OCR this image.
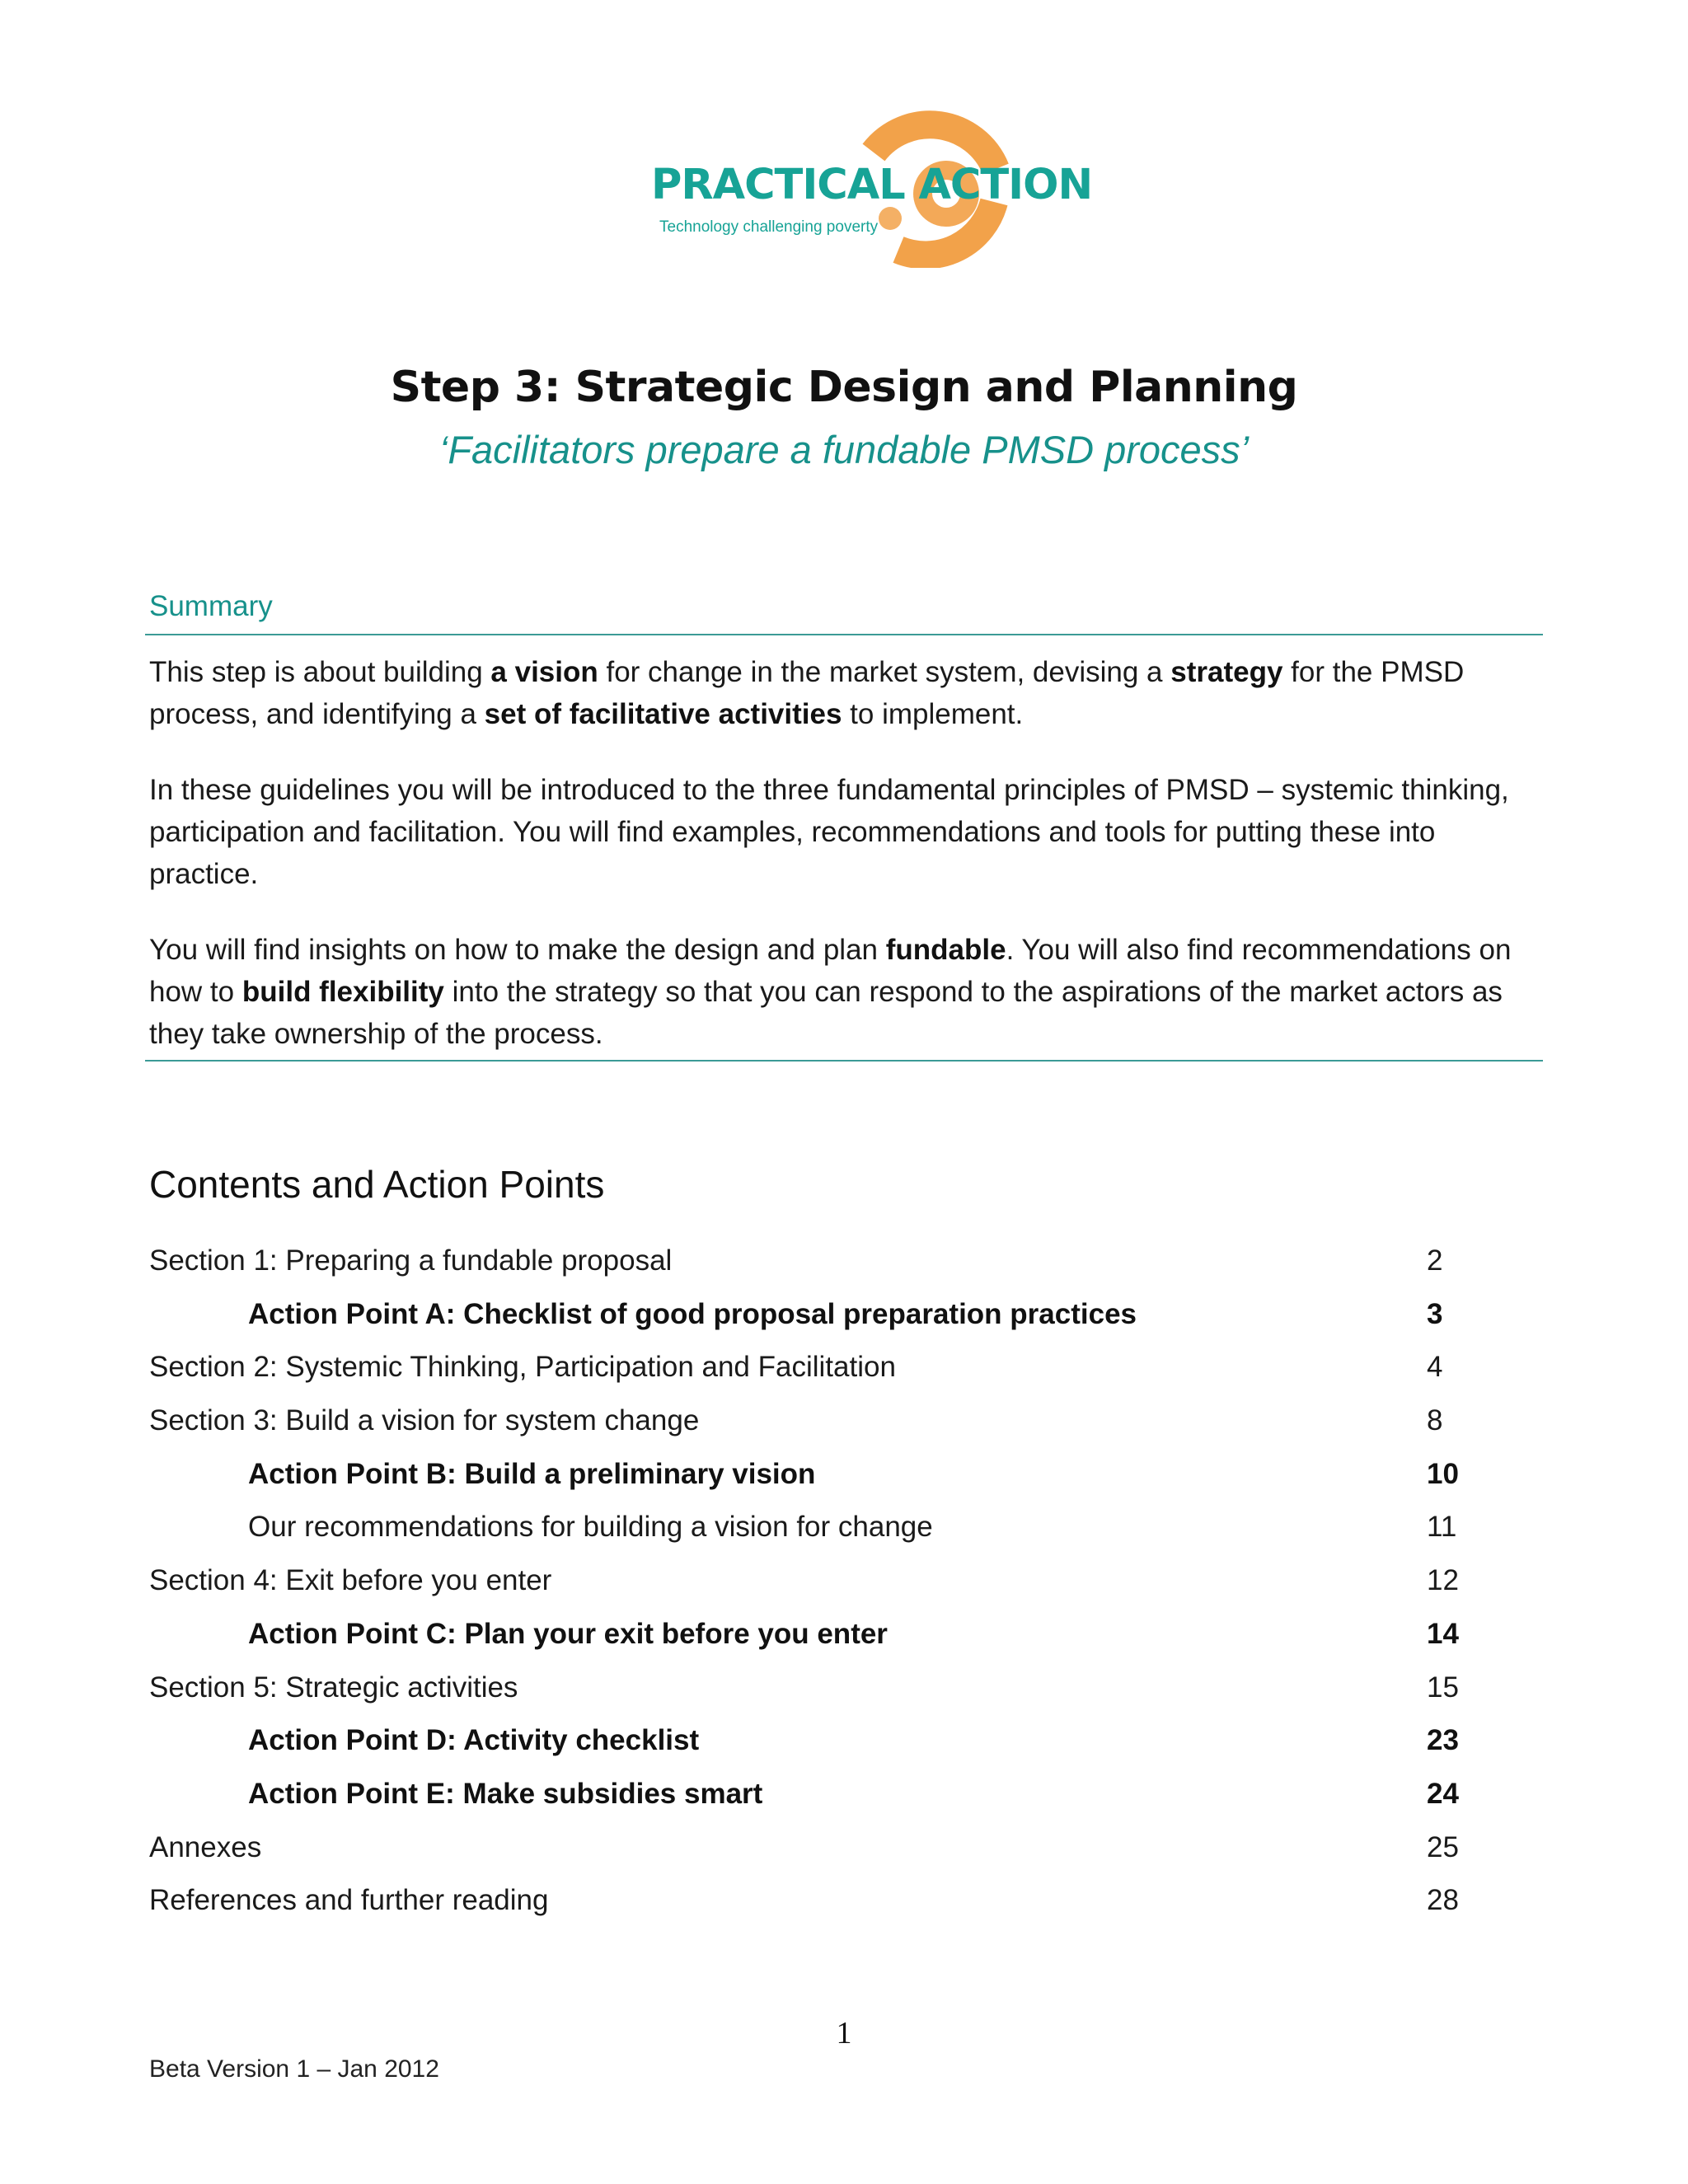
PRACTICAL ACTION
Technology challenging poverty
Step 3: Strategic Design and Planning
‘Facilitators prepare a fundable PMSD process’
Summary

This step is about building a vision for change in the market system, devising a strategy for the PMSD process, and identifying a set of facilitative activities to implement.

In these guidelines you will be introduced to the three fundamental principles of PMSD – systemic thinking, participation and facilitation. You will find examples, recommendations and tools for putting these into practice.

You will find insights on how to make the design and plan fundable. You will also find recommendations on how to build flexibility into the strategy so that you can respond to the aspirations of the market actors as they take ownership of the process.

Contents and Action Points
Section 1: Preparing a fundable proposal	2
Action Point A: Checklist of good proposal preparation practices	3
Section 2: Systemic Thinking, Participation and Facilitation	4
Section 3: Build a vision for system change	8
Action Point B: Build a preliminary vision	10
Our recommendations for building a vision for change	11
Section 4: Exit before you enter	12
Action Point C: Plan your exit before you enter	14
Section 5: Strategic activities	15
Action Point D: Activity checklist	23
Action Point E: Make subsidies smart	24
Annexes	25
References and further reading	28
1
Beta Version 1 – Jan 2012
